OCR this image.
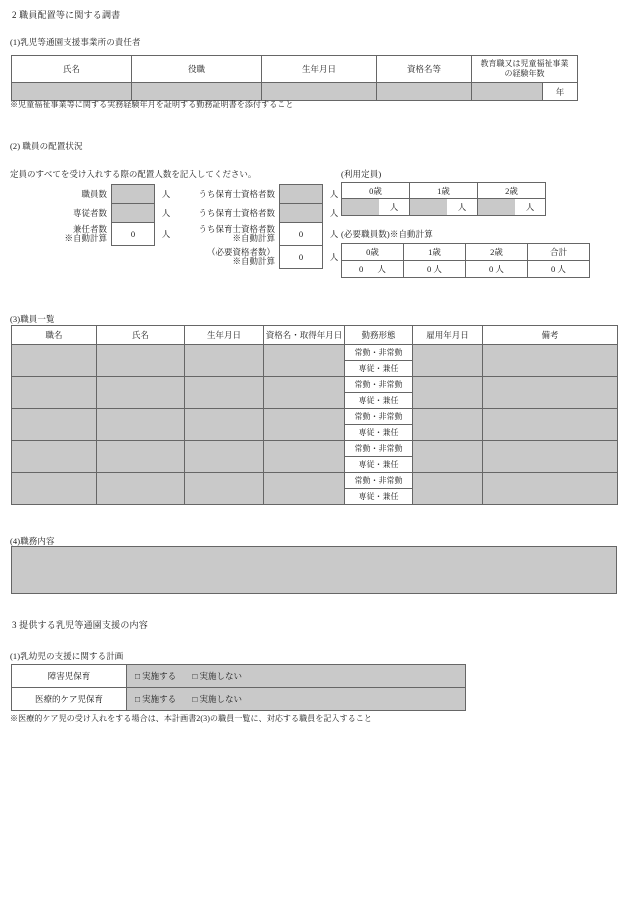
2 職員配置等に関する調書
(1)乳児等通園支援事業所の責任者
氏名	役職	生年月日	資格名等	教育職又は児童福祉事業
の経験年数	
					年
※児童福祉事業等に関する実務経験年月を証明する勤務証明書を添付すること
(2) 職員の配置状況
定員のすべてを受け入れする際の配置人数を記入してください。
職員数		人
専従者数		人
兼任者数
※自動計算	0	人
うち保育士資格者数		人
うち保育士資格者数		人
うち保育士資格者数
※自動計算	0	人
（必要資格者数）
※自動計算	0	人
(利用定員)
0歳	1歳	2歳

人	人	人
(必要職員数)※自動計算
0歳	1歳	2歳	合計
0 人	0 人	0 人	0 人
(3)職員一覧
職名	氏名	生年月日	資格名・取得年月日	勤務形態	雇用年月日	備考
				常勤・非常勤		
				専従・兼任		
				常勤・非常勤		
				専従・兼任		
				常勤・非常勤		
				専従・兼任		
				常勤・非常勤		
				専従・兼任		
				常勤・非常勤		
				専従・兼任		
(4)職務内容
3 提供する乳児等通園支援の内容
(1)乳幼児の支援に関する計画
障害児保育	□ 実施する □ 実施しない
医療的ケア児保育	□ 実施する □ 実施しない
※医療的ケア児の受け入れをする場合は、本計画書2(3)の職員一覧に、対応する職員を記入すること
